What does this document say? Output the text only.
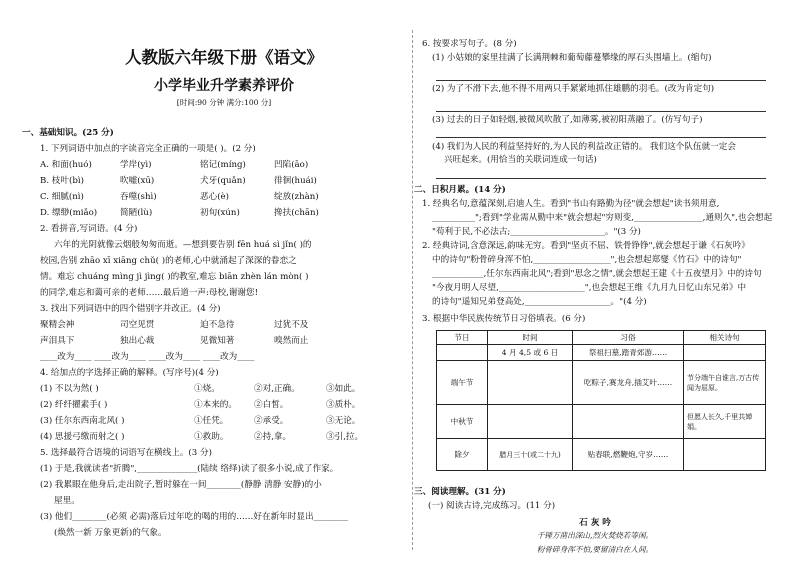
人教版六年级下册《语文》
小学毕业升学素养评价
[时间:90 分钟 满分:100 分]
一、基础知识。(25 分)
1. 下列词语中加点的字读音完全正确的一项是( )。(2 分)
A. 和面(huó)	学岸(yì)	铭记(míng)	凹陷(āo)
B. 枝叶(bì)	吹嘘(xū)	犬牙(quǎn)	徘徊(huái)
C. 细腻(nì)	吞噬(shì)	恶心(è)	绽放(zhàn)
D. 缥缈(miǎo)	简陋(lù)	初旬(xún)	搀扶(chān)
2. 看拼音,写词语。(4 分)
六年的光阴就像云烟般匆匆而逝。—想到要告别 fēn huá sì jǐn( )的
校园,告别 zhāo xī xiāng chǔ( )的老师,心中就涌起了深深的眷恋之
情。难忘 chuáng mìng jì jìng( )的教室,难忘 biān zhèn lán mòn( )
的同学,难忘和蔼可亲的老师……最后道一声:母校,谢谢您!
3. 找出下列词语中的四个错别字并改正。(4 分)
聚精会神	司空见贯	迫不急待	过犹不及
声泪具下	独出心裁	见微知著	嗅然而止
____改为____ ____改为____ ____改为____ ____改为____
4. 给加点的字选择正确的解释。(写序号)(4 分)
(1) 不以为然( )	①烧。	②对,正确。	③如此。
(2) 纤纤擢素手( )	①本来的。 ②白皙。	③质朴。
(3) 任尔东西南北风( )	①任凭。	②承受。	③无论。
(4) 思援弓缴而射之( )	①救助。	②持,拿。	③引,拉。
5. 选择最符合语境的词语写在横线上。(3 分)
(1) 于是,我就读者"折腾",______________(陆续 络绎)读了很多小说,成了作家。
(2) 我累眼在他身后,走出院子,暂时躲在一间________(静静 清静 安静)的小
屋里。
(3) 他们________(必须 必需)落后过年吃的喝的用的……好在新年时显出________
(焕然一新 万象更新)的气象。
6. 按要求写句子。(8 分)
(1) 小姑娘的家里挂满了长满荆棘和葡萄藤蔓攀缘的厚石头围墙上。(缩句)
(2) 为了不滑下去,他不得不用两只手紧紧地抓住雄鹏的羽毛。(改为肯定句)
(3) 过去的日子如轻烟,被微风吹散了,如薄雾,被初阳蒸融了。(仿写句子)
(4) 我们为人民的利益坚持好的,为人民的利益改正错的。 我们这个队伍就一定会
兴旺起来。(用恰当的关联词连成一句话)
二、日积月累。(14 分)
1. 经典名句,意蕴深刻,启迪人生。看到"书山有路勤为径"就会想起"读书须用意,
__________";看到"学业需从勤中来"就会想起"穷则变,________________,通则久",也会想起
"苟利于民,不必法古;______________________。"(3 分)
2. 经典诗词,含意深远,韵味无穷。看到"坚贞不屈、铁骨铮铮",就会想起于谦《石灰吟》
中的诗句"粉骨碎身浑不怕,__________________",也会想起郑燮《竹石》中的诗句"
____________,任尔东西南北风";看到"思念之情",就会想起王建《十五夜望月》中的诗句
"今夜月明人尽望,____________________",也会想起王维《九月九日忆山东兄弟》中
的诗句"遥知兄弟登高处,____________________。"(4 分)
3. 根据中华民族传统节日习俗填表。(6 分)
节日	时间	习俗	相关诗句
	4 月 4,5 或 6 日	祭祖扫墓,踏青郊游……	
端午节		吃粽子,赛龙舟,插艾叶……	节分端午自谁言,万古传闻为屈原。
中秋节			但愿人长久,千里共婵娟。
除夕	腊月三十(或二十九)	贴春联,燃鞭炮,守岁……	
三、阅读理解。(31 分)
(一) 阅读古诗,完成练习。(11 分)
石 灰 吟
千锤万凿出深山,烈火焚烧若等闲。
粉骨碎身浑不怕,要留清白在人间。
